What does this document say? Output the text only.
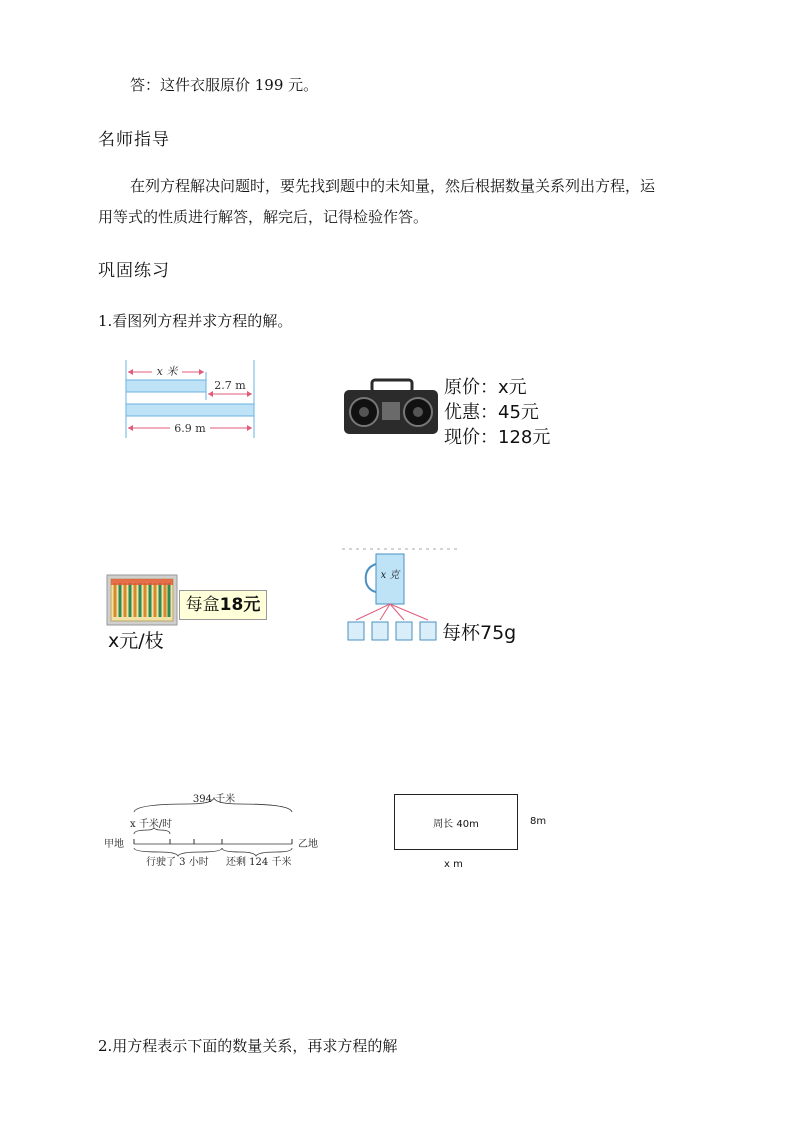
答：这件衣服原价 199 元。
名师指导
在列方程解决问题时，要先找到题中的未知量，然后根据数量关系列出方程，运
用等式的性质进行解答，解完后，记得检验作答。
巩固练习
1.看图列方程并求方程的解。
x 米
2.7 m
6.9 m
原价：x元
优惠：45元
现价：128元
每盒18元
x元/枝
x 克
每杯75g
394 千米
x 千米/时
甲地	乙地
行驶了 3 小时 还剩 124 千米
周长 40m	8m
x m
2.用方程表示下面的数量关系，再求方程的解
